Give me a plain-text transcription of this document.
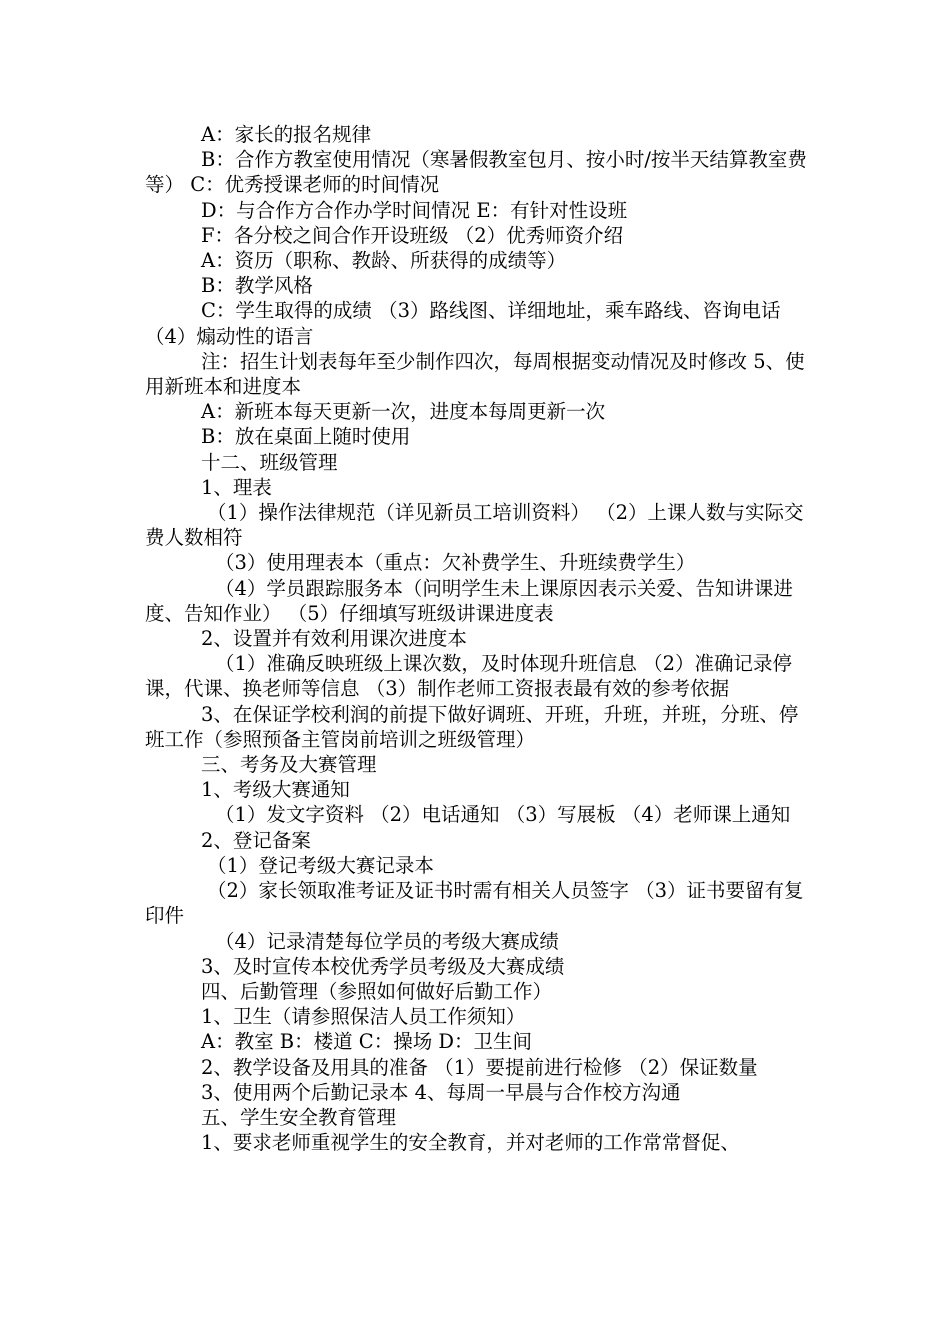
A：家长的报名规律

B：合作方教室使用情况（寒暑假教室包月、按小时/按半天结算教室费等） C：优秀授课老师的时间情况

D：与合作方合作办学时间情况 E：有针对性设班

F：各分校之间合作开设班级 （2）优秀师资介绍

A：资历（职称、教龄、所获得的成绩等）

B：教学风格

C：学生取得的成绩 （3）路线图、详细地址，乘车路线、咨询电话 （4）煽动性的语言

注：招生计划表每年至少制作四次，每周根据变动情况及时修改 5、使用新班本和进度本

A：新班本每天更新一次，进度本每周更新一次

B：放在桌面上随时使用

十二、班级管理

1、理表

（1）操作法律规范（详见新员工培训资料） （2）上课人数与实际交费人数相符

（3）使用理表本（重点：欠补费学生、升班续费学生）

（4）学员跟踪服务本（问明学生未上课原因表示关爱、告知讲课进度、告知作业） （5）仔细填写班级讲课进度表

2、设置并有效利用课次进度本

（1）准确反映班级上课次数，及时体现升班信息 （2）准确记录停课，代课、换老师等信息 （3）制作老师工资报表最有效的参考依据

3、在保证学校利润的前提下做好调班、开班，升班，并班，分班、停班工作（参照预备主管岗前培训之班级管理）

三、考务及大赛管理

1、考级大赛通知

（1）发文字资料 （2）电话通知 （3）写展板 （4）老师课上通知

2、登记备案

（1）登记考级大赛记录本

（2）家长领取准考证及证书时需有相关人员签字 （3）证书要留有复印件

（4）记录清楚每位学员的考级大赛成绩

3、及时宣传本校优秀学员考级及大赛成绩

四、后勤管理（参照如何做好后勤工作）

1、卫生（请参照保洁人员工作须知）

A：教室 B：楼道 C：操场 D：卫生间

2、教学设备及用具的准备 （1）要提前进行检修 （2）保证数量

3、使用两个后勤记录本 4、每周一早晨与合作校方沟通

五、学生安全教育管理

1、要求老师重视学生的安全教育，并对老师的工作常常督促、
